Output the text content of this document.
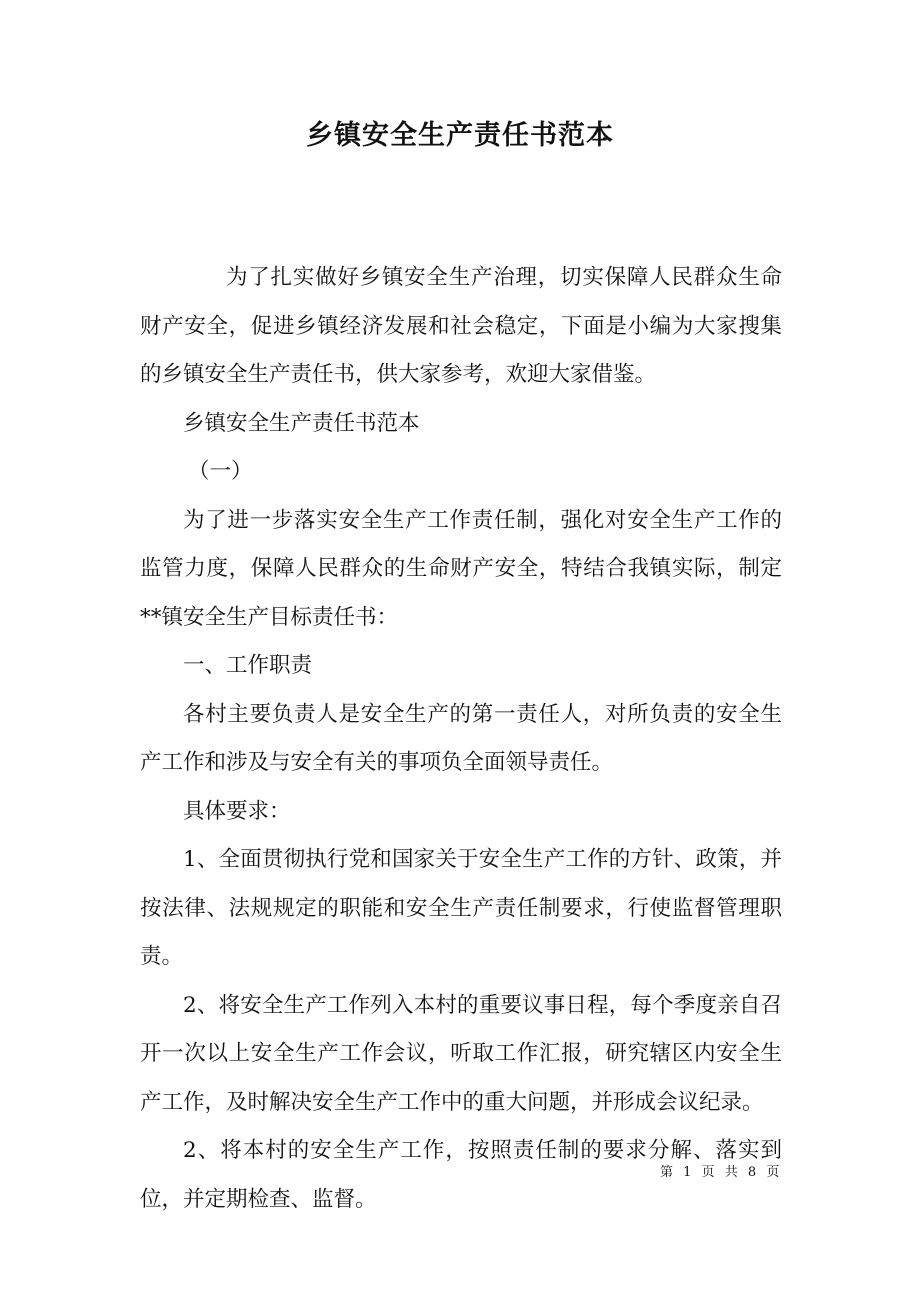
乡镇安全生产责任书范本

为了扎实做好乡镇安全生产治理，切实保障人民群众生命财产安全，促进乡镇经济发展和社会稳定，下面是小编为大家搜集的乡镇安全生产责任书，供大家参考，欢迎大家借鉴。

乡镇安全生产责任书范本

（一）

为了进一步落实安全生产工作责任制，强化对安全生产工作的监管力度，保障人民群众的生命财产安全，特结合我镇实际，制定**镇安全生产目标责任书：

一、工作职责

各村主要负责人是安全生产的第一责任人，对所负责的安全生产工作和涉及与安全有关的事项负全面领导责任。

具体要求：

1、全面贯彻执行党和国家关于安全生产工作的方针、政策，并按法律、法规规定的职能和安全生产责任制要求，行使监督管理职责。

2、将安全生产工作列入本村的重要议事日程，每个季度亲自召开一次以上安全生产工作会议，听取工作汇报，研究辖区内安全生产工作，及时解决安全生产工作中的重大问题，并形成会议纪录。

2、将本村的安全生产工作，按照责任制的要求分解、落实到位，并定期检查、监督。

第 1 页 共 8 页
